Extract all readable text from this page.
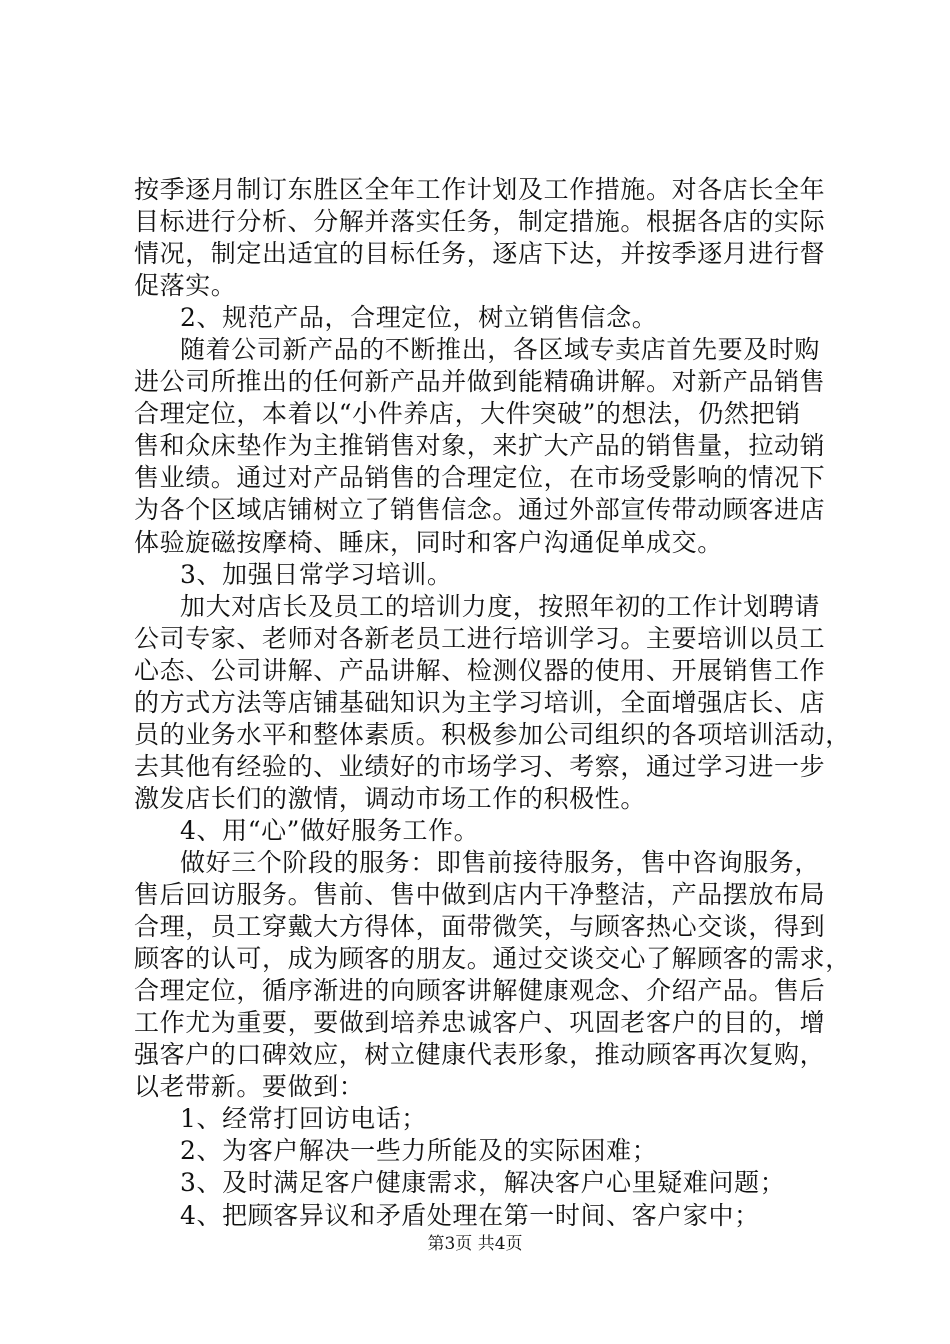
按季逐月制订东胜区全年工作计划及工作措施。对各店长全年
目标进行分析、分解并落实任务，制定措施。根据各店的实际
情况，制定出适宜的目标任务，逐店下达，并按季逐月进行督
促落实。
2、规范产品，合理定位，树立销售信念。
随着公司新产品的不断推出，各区域专卖店首先要及时购
进公司所推出的任何新产品并做到能精确讲解。对新产品销售
合理定位，本着以“小件养店，大件突破”的想法，仍然把销
售和众床垫作为主推销售对象，来扩大产品的销售量，拉动销
售业绩。通过对产品销售的合理定位，在市场受影响的情况下
为各个区域店铺树立了销售信念。通过外部宣传带动顾客进店
体验旋磁按摩椅、睡床，同时和客户沟通促单成交。
3、加强日常学习培训。
加大对店长及员工的培训力度，按照年初的工作计划聘请
公司专家、老师对各新老员工进行培训学习。主要培训以员工
心态、公司讲解、产品讲解、检测仪器的使用、开展销售工作
的方式方法等店铺基础知识为主学习培训，全面增强店长、店
员的业务水平和整体素质。积极参加公司组织的各项培训活动，
去其他有经验的、业绩好的市场学习、考察，通过学习进一步
激发店长们的激情，调动市场工作的积极性。
4、用“心”做好服务工作。
做好三个阶段的服务：即售前接待服务，售中咨询服务，
售后回访服务。售前、售中做到店内干净整洁，产品摆放布局
合理，员工穿戴大方得体，面带微笑，与顾客热心交谈，得到
顾客的认可，成为顾客的朋友。通过交谈交心了解顾客的需求，
合理定位，循序渐进的向顾客讲解健康观念、介绍产品。售后
工作尤为重要，要做到培养忠诚客户、巩固老客户的目的，增
强客户的口碑效应，树立健康代表形象，推动顾客再次复购，
以老带新。要做到：
1、经常打回访电话；
2、为客户解决一些力所能及的实际困难；
3、及时满足客户健康需求，解决客户心里疑难问题；
4、把顾客异议和矛盾处理在第一时间、客户家中；
第3页 共4页
